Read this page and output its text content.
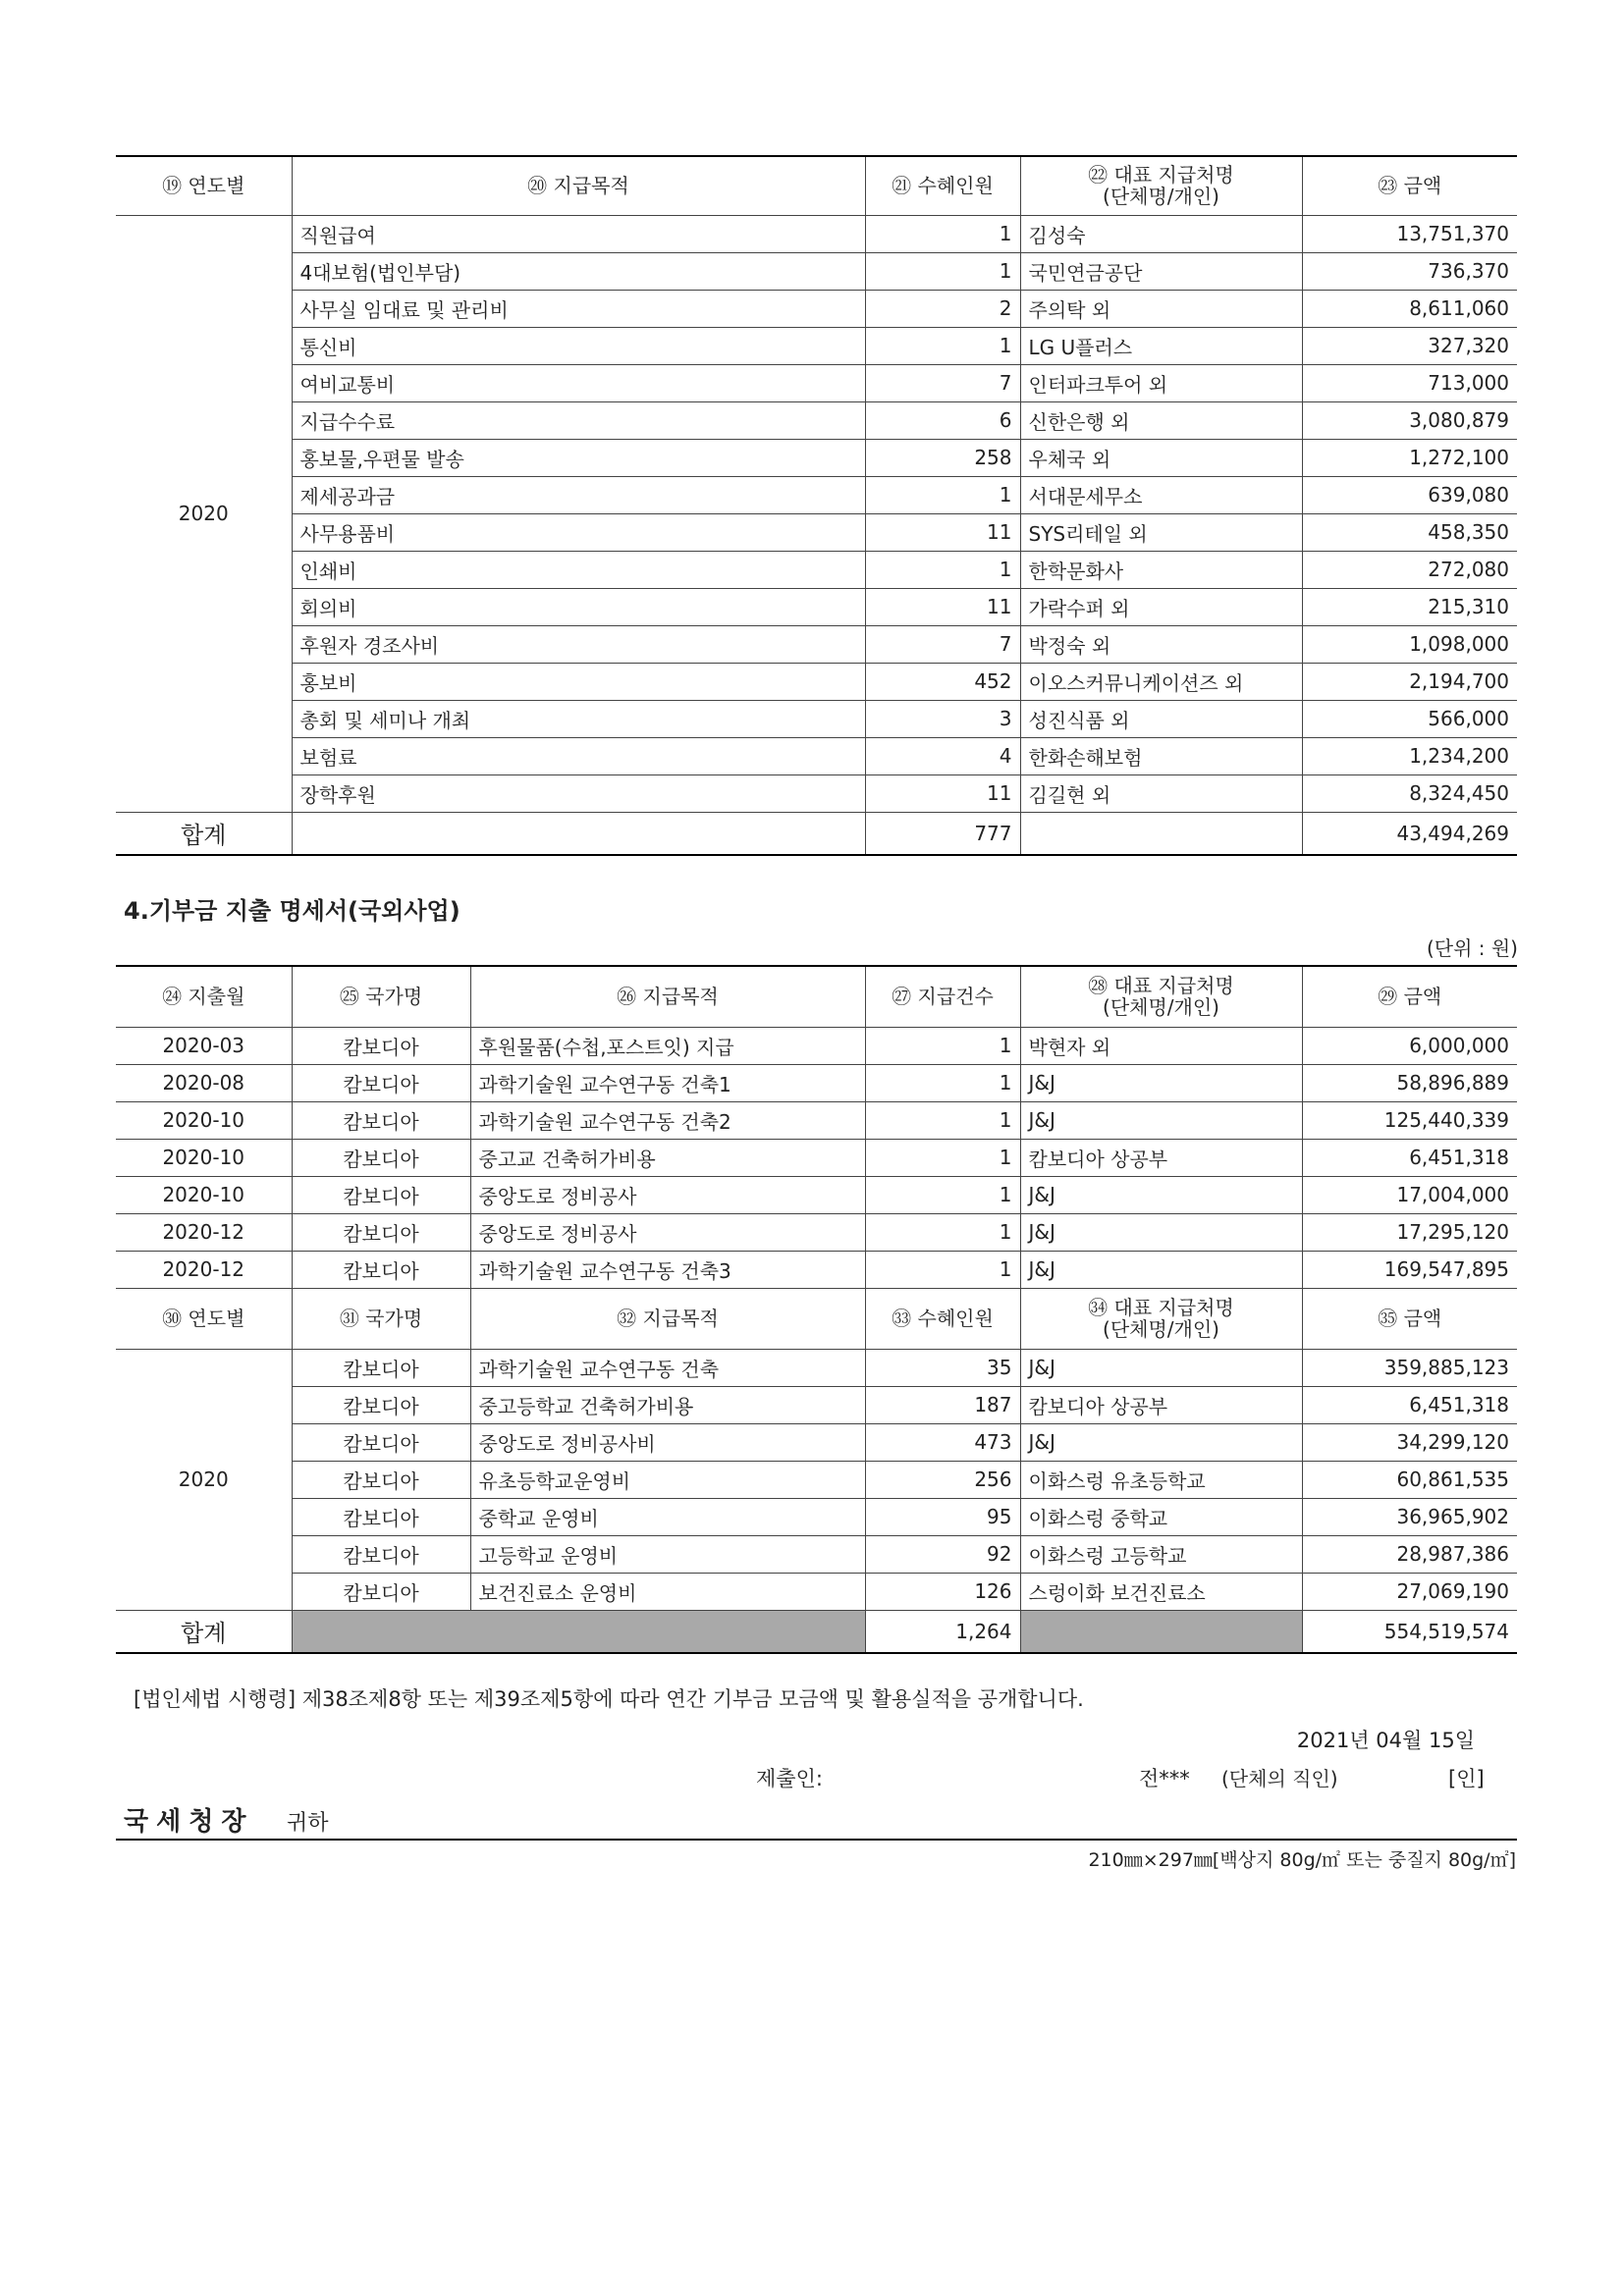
⑲ 연도별	⑳ 지급목적	㉑ 수혜인원	㉒ 대표 지급처명
(단체명/개인)	㉓ 금액
2020	직원급여	1	김성숙	13,751,370
	4대보험(법인부담)	1	국민연금공단	736,370
	사무실 임대료 및 관리비	2	주의탁 외	8,611,060
	통신비	1	LG U플러스	327,320
	여비교통비	7	인터파크투어 외	713,000
	지급수수료	6	신한은행 외	3,080,879
	홍보물,우편물 발송	258	우체국 외	1,272,100
	제세공과금	1	서대문세무소	639,080
	사무용품비	11	SYS리테일 외	458,350
	인쇄비	1	한학문화사	272,080
	회의비	11	가락수퍼 외	215,310
	후원자 경조사비	7	박정숙 외	1,098,000
	홍보비	452	이오스커뮤니케이션즈 외	2,194,700
	총회 및 세미나 개최	3	성진식품 외	566,000
	보험료	4	한화손해보험	1,234,200
	장학후원	11	김길현 외	8,324,450
합계		777		43,494,269
4.기부금 지출 명세서(국외사업)
(단위 : 원)
㉔ 지출월	㉕ 국가명	㉖ 지급목적	㉗ 지급건수	㉘ 대표 지급처명
(단체명/개인)	㉙ 금액
2020-03	캄보디아	후원물품(수첩,포스트잇) 지급	1	박현자 외	6,000,000
2020-08	캄보디아	과학기술원 교수연구동 건축1	1	J&J	58,896,889
2020-10	캄보디아	과학기술원 교수연구동 건축2	1	J&J	125,440,339
2020-10	캄보디아	중고교 건축허가비용	1	캄보디아 상공부	6,451,318
2020-10	캄보디아	중앙도로 정비공사	1	J&J	17,004,000
2020-12	캄보디아	중앙도로 정비공사	1	J&J	17,295,120
2020-12	캄보디아	과학기술원 교수연구동 건축3	1	J&J	169,547,895
㉚ 연도별	㉛ 국가명	㉜ 지급목적	㉝ 수혜인원	㉞ 대표 지급처명
(단체명/개인)	㉟ 금액
2020	캄보디아	과학기술원 교수연구동 건축	35	J&J	359,885,123
	캄보디아	중고등학교 건축허가비용	187	캄보디아 상공부	6,451,318
	캄보디아	중앙도로 정비공사비	473	J&J	34,299,120
	캄보디아	유초등학교운영비	256	이화스렁 유초등학교	60,861,535
	캄보디아	중학교 운영비	95	이화스렁 중학교	36,965,902
	캄보디아	고등학교 운영비	92	이화스렁 고등학교	28,987,386
	캄보디아	보건진료소 운영비	126	스렁이화 보건진료소	27,069,190
합계			1,264		554,519,574
[법인세법 시행령] 제38조제8항 또는 제39조제5항에 따라 연간 기부금 모금액 및 활용실적을 공개합니다.
2021년 04월 15일
제출인:	전*** (단체의 직인)	[인]
국세청장 귀하
210㎜×297㎜[백상지 80g/㎡ 또는 중질지 80g/㎡]
